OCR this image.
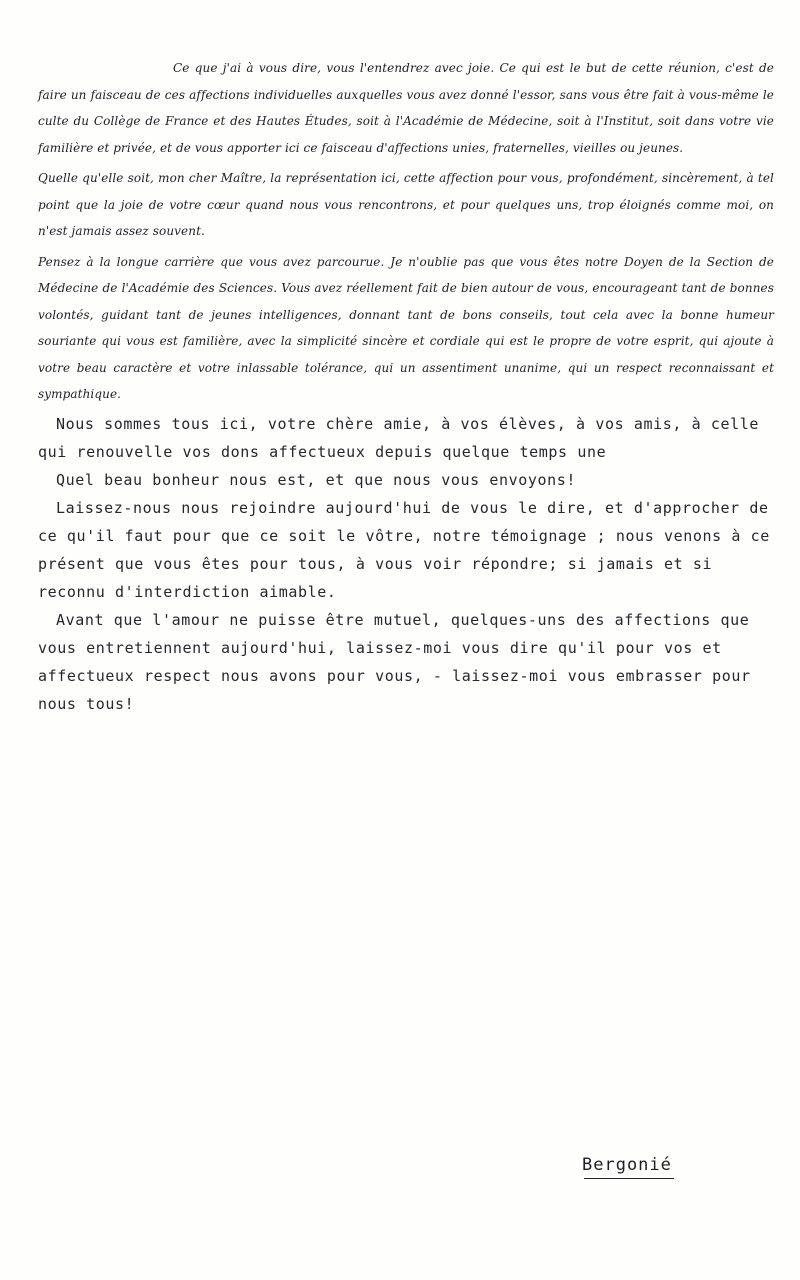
Ce que j'ai à vous dire, vous l'entendrez avec joie. Ce qui est le but de cette réunion, c'est de faire un faisceau de ces affections individuelles auxquelles vous avez donné l'essor, sans vous être fait à vous-même le culte du Collège de France et des Hautes Études, soit à l'Académie de Médecine, soit à l'Institut, soit dans votre vie familière et privée, et de vous apporter ici ce faisceau d'affections unies, fraternelles, vieilles ou jeunes.

Quelle qu'elle soit, mon cher Maître, la représentation ici, cette affection pour vous, profondément, sincèrement, à tel point que la joie de votre cœur quand nous vous rencontrons, et pour quelques uns, trop éloignés comme moi, on n'est jamais assez souvent.

Pensez à la longue carrière que vous avez parcourue. Je n'oublie pas que vous êtes notre Doyen de la Section de Médecine de l'Académie des Sciences. Vous avez réellement fait de bien autour de vous, encourageant tant de bonnes volontés, guidant tant de jeunes intelligences, donnant tant de bons conseils, tout cela avec la bonne humeur souriante qui vous est familière, avec la simplicité sincère et cordiale qui est le propre de votre esprit, qui ajoute à votre beau caractère et votre inlassable tolérance, qui un assentiment unanime, qui un respect reconnaissant et sympathique.

Nous sommes tous ici, votre chère amie, à vos élèves, à vos amis, à celle qui renouvelle vos dons affectueux depuis quelque temps une

Quel beau bonheur nous est, et que nous vous envoyons!

Laissez-nous nous rejoindre aujourd'hui de vous le dire, et d'approcher de ce qu'il faut pour que ce soit le vôtre, notre témoignage ; nous venons à ce présent que vous êtes pour tous, à vous voir répondre; si jamais et si reconnu d'interdiction aimable.

Avant que l'amour ne puisse être mutuel, quelques-uns des affections que vous entretiennent aujourd'hui, laissez-moi vous dire qu'il pour vos et affectueux respect nous avons pour vous, - laissez-moi vous embrasser pour nous tous!

Bergonié
